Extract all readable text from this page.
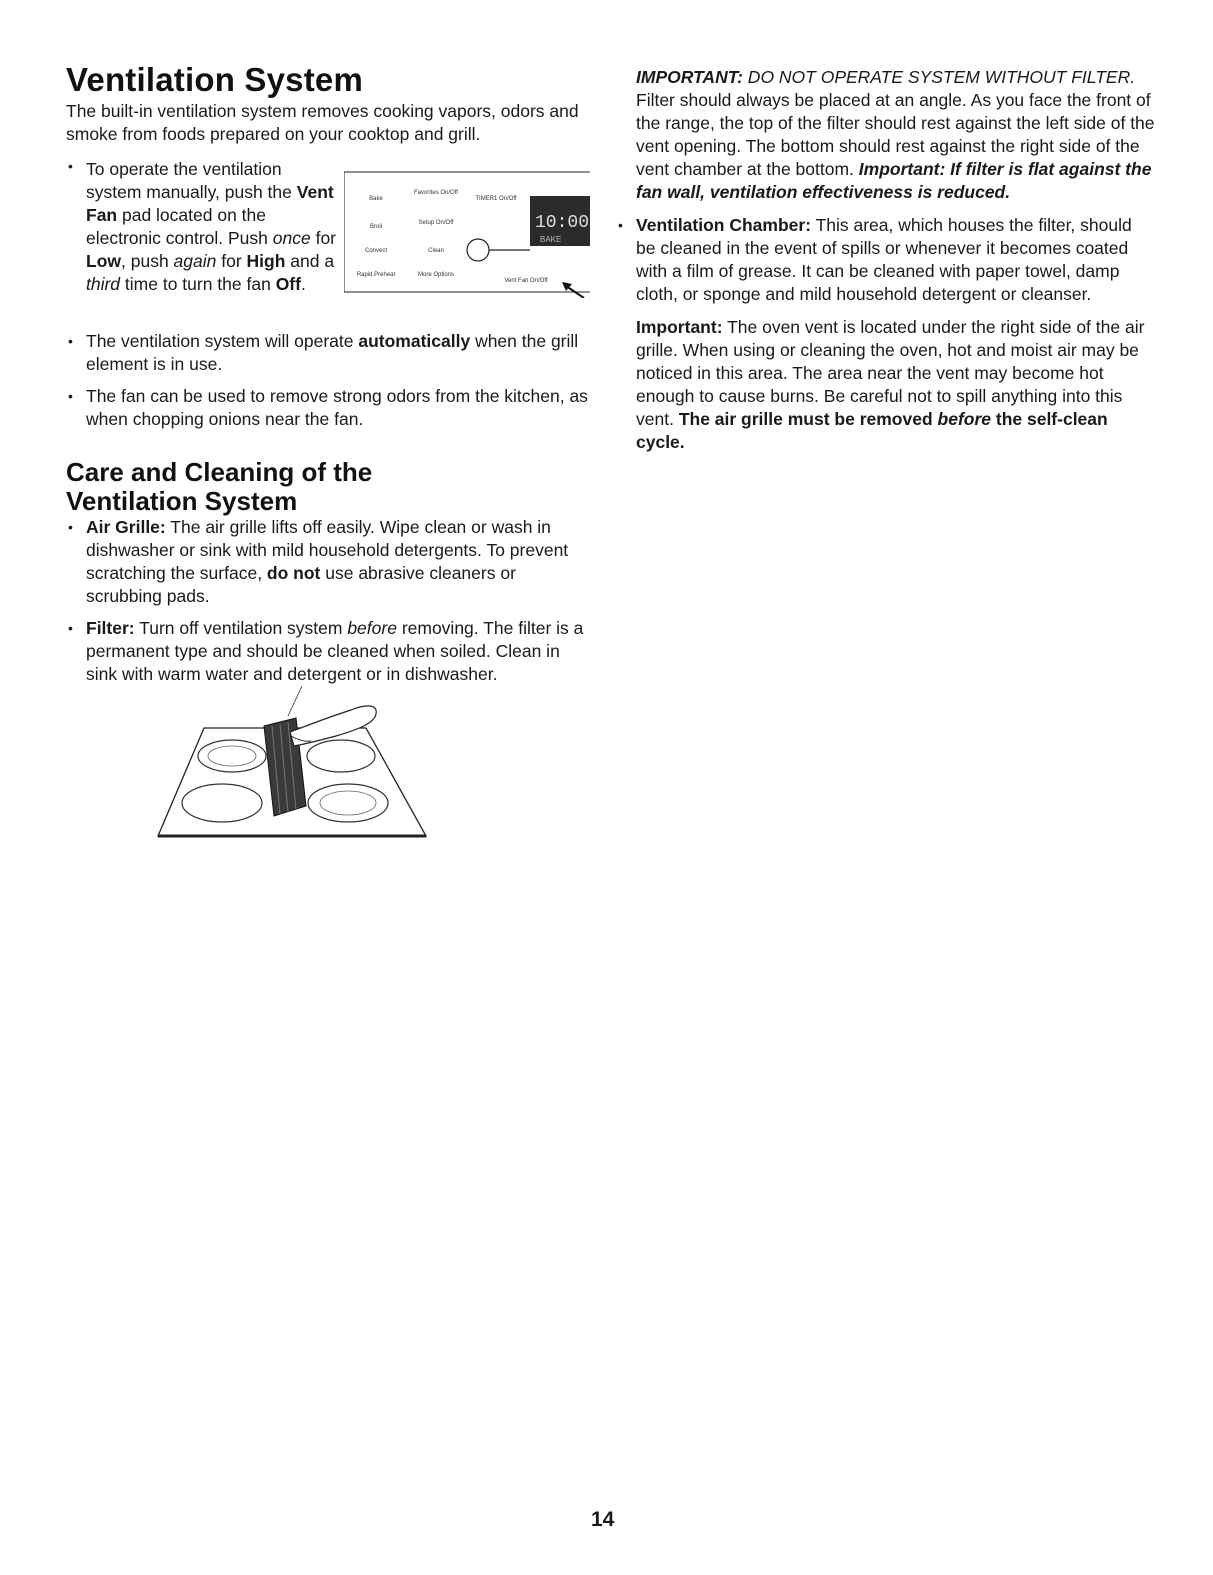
Ventilation System

The built-in ventilation system removes cooking vapors, odors and smoke from foods prepared on your cooktop and grill.

• To operate the ventilation system manually, push the Vent Fan pad located on the electronic control. Push once for Low, push again for High and a third time to turn the fan Off.
Bake
Favorites On/Off
Broil
Setup On/Off
Convect	Clean
Rapid Preheat	More Options
TIMER1 On/Off
Vent Fan On/Off
10:00
BAKE
• The ventilation system will operate automatically when the grill element is in use.
• The fan can be used to remove strong odors from the kitchen, as when chopping onions near the fan.
Care and Cleaning of the
Ventilation System
• Air Grille: The air grille lifts off easily. Wipe clean or wash in dishwasher or sink with mild household detergents. To prevent scratching the surface, do not use abrasive cleaners or scrubbing pads.
• Filter: Turn off ventilation system before removing. The filter is a permanent type and should be cleaned when soiled. Clean in sink with warm water and detergent or in dishwasher.

IMPORTANT: DO NOT OPERATE SYSTEM WITHOUT FILTER. Filter should always be placed at an angle. As you face the front of the range, the top of the filter should rest against the left side of the vent opening. The bottom should rest against the right side of the vent chamber at the bottom. Important: If filter is flat against the fan wall, ventilation effectiveness is reduced.

• Ventilation Chamber: This area, which houses the filter, should be cleaned in the event of spills or whenever it becomes coated with a film of grease. It can be cleaned with paper towel, damp cloth, or sponge and mild household detergent or cleanser.

Important: The oven vent is located under the right side of the air grille. When using or cleaning the oven, hot and moist air may be noticed in this area. The area near the vent may become hot enough to cause burns. Be careful not to spill anything into this vent. The air grille must be removed before the self-clean cycle.

14
